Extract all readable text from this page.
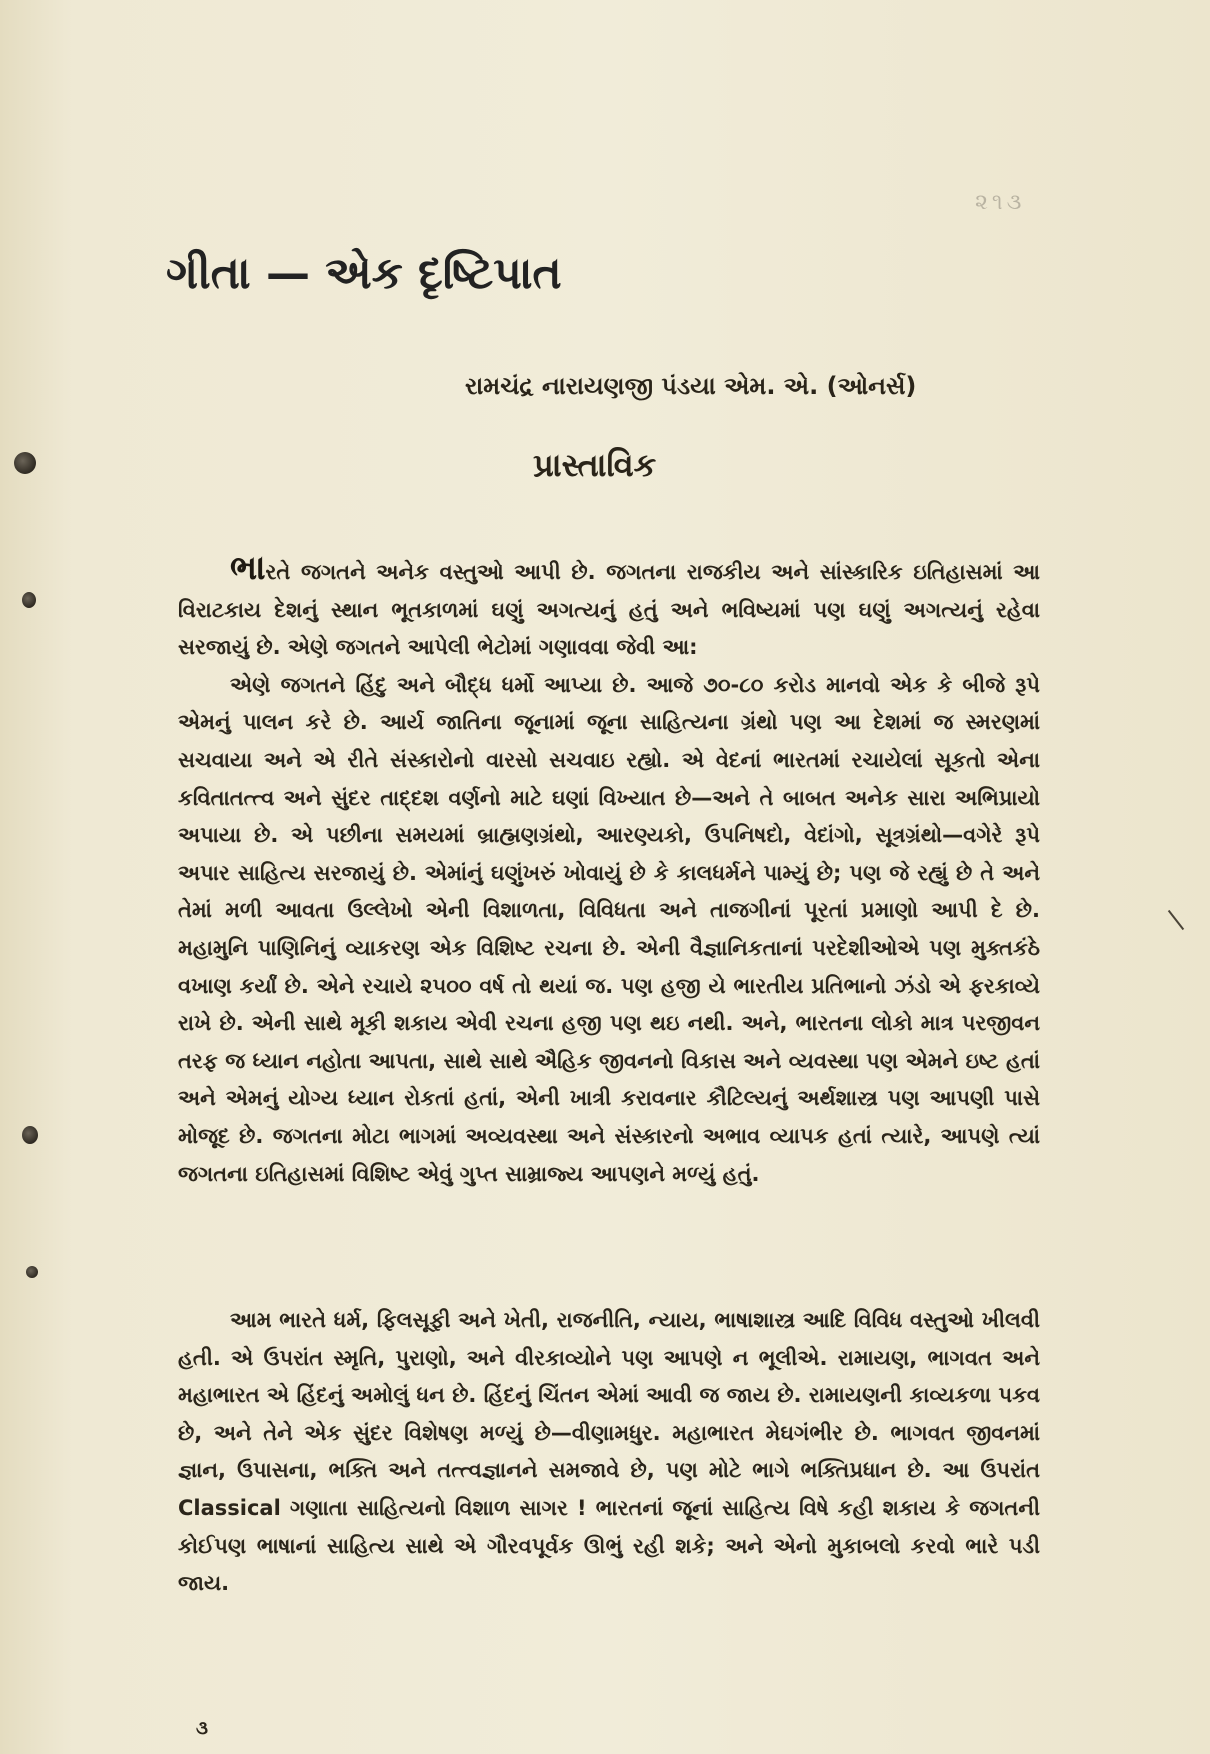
૨૧૩
ગીતા — એક દૃષ્ટિપાત
રામચંદ્ર નારાયણજી પંડયા એમ. એ. (ઓનર્સ)
પ્રાસ્તાવિક

ભારતે જગતને અનેક વસ્તુઓ આપી છે. જગતના રાજકીય અને સાંસ્કારિક ઇતિહાસમાં આ વિરાટકાય દેશનું સ્થાન ભૂતકાળમાં ઘણું અગત્યનું હતું અને ભવિષ્યમાં પણ ઘણું અગત્યનું રહેવા સરજાયું છે. એણે જગતને આપેલી ભેટોમાં ગણાવવા જેવી આ:

એણે જગતને હિંદુ અને બૌદ્ધ ધર્મો આપ્યા છે. આજે ૭૦-૮૦ કરોડ માનવો એક કે બીજે રૂપે એમનું પાલન કરે છે. આર્ય જાતિના જૂનામાં જૂના સાહિત્યના ગ્રંથો પણ આ દેશમાં જ સ્મરણમાં સચવાયા અને એ રીતે સંસ્કારોનો વારસો સચવાઇ રહ્યો. એ વેદનાં ભારતમાં રચાયેલાં સૂકતો એના કવિતાતત્ત્વ અને સુંદર તાદ્દશ વર્ણનો માટે ઘણાં વિખ્યાત છે—અને તે બાબત અનેક સારા અભિપ્રાયો અપાયા છે. એ પછીના સમયમાં બ્રાહ્મણગ્રંથો, આરણ્યકો, ઉપનિષદો, વેદાંગો, સૂત્રગ્રંથો—વગેરે રૂપે અપાર સાહિત્ય સરજાયું છે. એમાંનું ઘણુંખરું ખોવાયું છે કે કાલધર્મને પામ્યું છે; પણ જે રહ્યું છે તે અને તેમાં મળી આવતા ઉલ્લેખો એની વિશાળતા, વિવિધતા અને તાજગીનાં પૂરતાં પ્રમાણો આપી દે છે. મહામુનિ પાણિનિનું વ્યાકરણ એક વિશિષ્ટ રચના છે. એની વૈજ્ઞાનિકતાનાં પરદેશીઓએ પણ મુક્તકંઠે વખાણ કર્યાં છે. એને રચાયે ૨૫૦૦ વર્ષ તો થયાં જ. પણ હજી યે ભારતીય પ્રતિભાનો ઝંડો એ ફરકાવ્યે રાખે છે. એની સાથે મૂકી શકાય એવી રચના હજી પણ થઇ નથી. અને, ભારતના લોકો માત્ર પરજીવન તરફ જ ધ્યાન નહોતા આપતા, સાથે સાથે ઐહિક જીવનનો વિકાસ અને વ્યવસ્થા પણ એમને ઇષ્ટ હતાં અને એમનું યોગ્ય ધ્યાન રોકતાં હતાં, એની ખાત્રી કરાવનાર કૌટિલ્યનું અર્થશાસ્ત્ર પણ આપણી પાસે મોજૂદ છે. જગતના મોટા ભાગમાં અવ્યવસ્થા અને સંસ્કારનો અભાવ વ્યાપક હતાં ત્યારે, આપણે ત્યાં જગતના ઇતિહાસમાં વિશિષ્ટ એવું ગુપ્ત સામ્રાજ્ય આપણને મળ્યું હતું.

આમ ભારતે ધર્મ, ફિલસૂફી અને ખેતી, રાજનીતિ, ન્યાય, ભાષાશાસ્ત્ર આદિ વિવિધ વસ્તુઓ ખીલવી હતી. એ ઉપરાંત સ્મૃતિ, પુરાણો, અને વીરકાવ્યોને પણ આપણે ન ભૂલીએ. રામાયણ, ભાગવત અને મહાભારત એ હિંદનું અમોલું ધન છે. હિંદનું ચિંતન એમાં આવી જ જાય છે. રામાયણની કાવ્યકળા પકવ છે, અને તેને એક સુંદર વિશેષણ મળ્યું છે—વીણામધુર. મહાભારત મેઘગંભીર છે. ભાગવત જીવનમાં જ્ઞાન, ઉપાસના, ભક્તિ અને તત્ત્વજ્ઞાનને સમજાવે છે, પણ મોટે ભાગે ભક્તિપ્રધાન છે. આ ઉપરાંત Classical ગણાતા સાહિત્યનો વિશાળ સાગર ! ભારતનાં જૂનાં સાહિત્ય વિષે કહી શકાય કે જગતની કોઈપણ ભાષાનાં સાહિત્ય સાથે એ ગૌરવપૂર્વક ઊભું રહી શકે; અને એનો મુકાબલો કરવો ભારે પડી જાય.

૩
